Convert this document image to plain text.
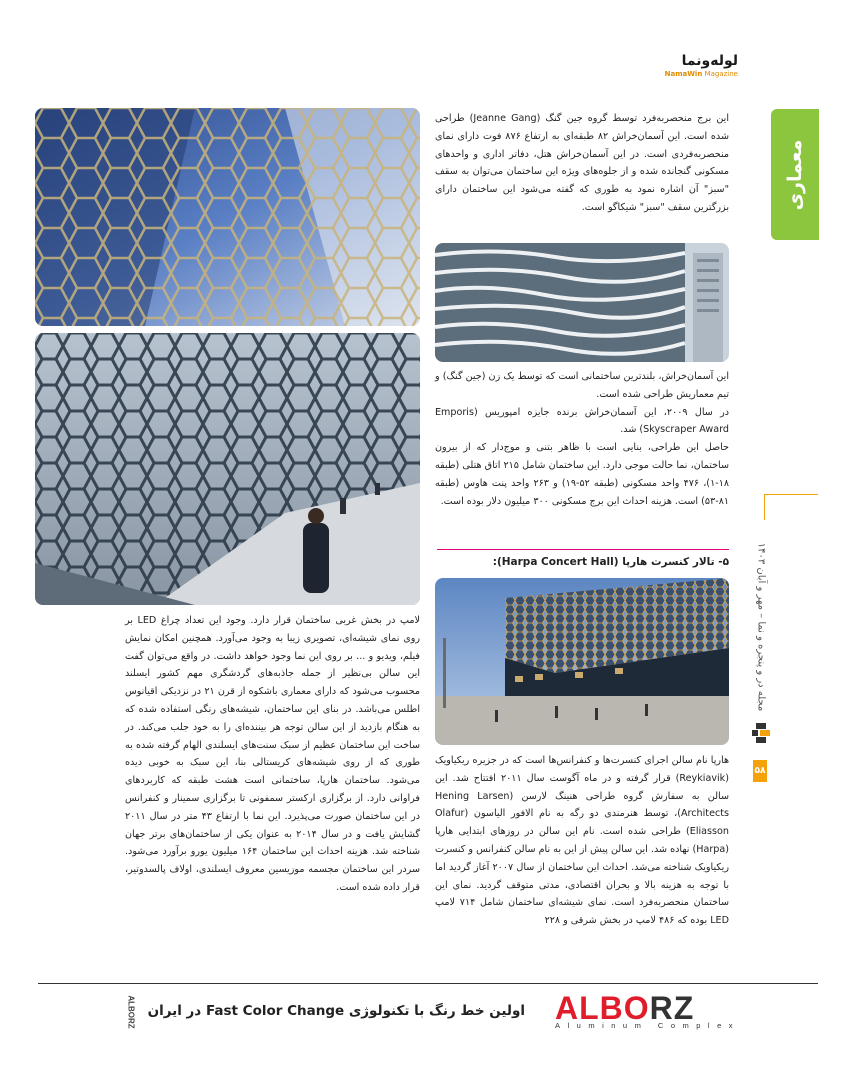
لوله‌ونما
NamaWin Magazine
معماری
مجله در و پنجره و نما – مهر و آبان ۱۴۰۳
۵۸

این برج منحصربه‌فرد توسط گروه جین گنگ (Jeanne Gang) طراحی شده است. این آسمان‌خراش ۸۲ طبقه‌ای به ارتفاع ۸۷۶ فوت دارای نمای منحصربه‌فردی است. در این آسمان‌خراش هتل، دفاتر اداری و واحدهای مسکونی گنجانده شده و از جلوه‌های ویژه این ساختمان می‌توان به سقف "سبز" آن اشاره نمود به طوری که گفته می‌شود این ساختمان دارای بزرگترین سقف "سبز" شیکاگو است.

این آسمان‌خراش، بلندترین ساختمانی است که توسط یک زن (جین گنگ) و تیم معماریش طراحی شده است.

در سال ۲۰۰۹، این آسمان‌خراش برنده جایزه امپوریس (Emporis Skyscraper Award) شد.

حاصل این طراحی، بنایی است با ظاهر بتنی و موج‌دار که از بیرون ساختمان، نما حالت موجی دارد. این ساختمان شامل ۲۱۵ اتاق هتلی (طبقه ۱۸-۱)، ۴۷۶ واحد مسکونی (طبقه ۵۲-۱۹) و ۲۶۳ واحد پنت هاوس (طبقه ۸۱-۵۳) است. هزینه احداث این برج مسکونی ۳۰۰ میلیون دلار بوده است.

۵- تالار کنسرت هارپا (Harpa Concert Hall):

هارپا نام سالن اجرای کنسرت‌ها و کنفرانس‌ها است که در جزیره ریکیاویک (Reykiavik) قرار گرفته و در ماه آگوست سال ۲۰۱۱ افتتاح شد. این سالن به سفارش گروه طراحی هنینگ لارسن (Hening Larsen Architects)، توسط هنرمندی دو رگه به نام الافور الیاسون (Olafur Eliasson) طراحی شده است. نام این سالن در روزهای ابتدایی هارپا (Harpa) نهاده شد. این سالن پیش از این به نام سالن کنفرانس و کنسرت ریکیاویک شناخته می‌شد. احداث این ساختمان از سال ۲۰۰۷ آغاز گردید اما با توجه به هزینه بالا و بحران اقتصادی، مدتی متوقف گردید. نمای این ساختمان منحصربه‌فرد است. نمای شیشه‌ای ساختمان شامل ۷۱۴ لامپ LED بوده که ۴۸۶ لامپ در بخش شرقی و ۲۲۸

لامپ در بخش غربی ساختمان قرار دارد. وجود این تعداد چراغ LED بر روی نمای شیشه‌ای، تصویری زیبا به وجود می‌آورد. همچنین امکان نمایش فیلم، ویدیو و ... بر روی این نما وجود خواهد داشت. در واقع می‌توان گفت این سالن بی‌نظیر از جمله جاذبه‌های گردشگری مهم کشور ایسلند محسوب می‌شود که دارای معماری باشکوه از قرن ۲۱ در نزدیکی اقیانوس اطلس می‌باشد. در بنای این ساختمان، شیشه‌های رنگی استفاده شده که به هنگام بازدید از این سالن توجه هر بیننده‌ای را به خود جلب می‌کند. در ساخت این ساختمان عظیم از سبک سنت‌های ایسلندی الهام گرفته شده به طوری که از روی شیشه‌های کریستالی بنا، این سبک به خوبی دیده می‌شود. ساختمان هارپا، ساختمانی است هشت طبقه که کاربردهای فراوانی دارد. از برگزاری ارکستر سمفونی تا برگزاری سمینار و کنفرانس در این ساختمان صورت می‌پذیرد. این نما با ارتفاع ۴۳ متر در سال ۲۰۱۱ گشایش یافت و در سال ۲۰۱۴ به عنوان یکی از ساختمان‌های برتر جهان شناخته شد. هزینه احداث این ساختمان ۱۶۴ میلیون یورو برآورد می‌شود. سردر این ساختمان مجسمه موزیسین معروف ایسلندی، اولاف پالسدوتیر، قرار داده شده است.

ALBORZ	اولین خط رنگ با تکنولوژی Fast Color Change در ایران	ALBORZ
Aluminum Complex
